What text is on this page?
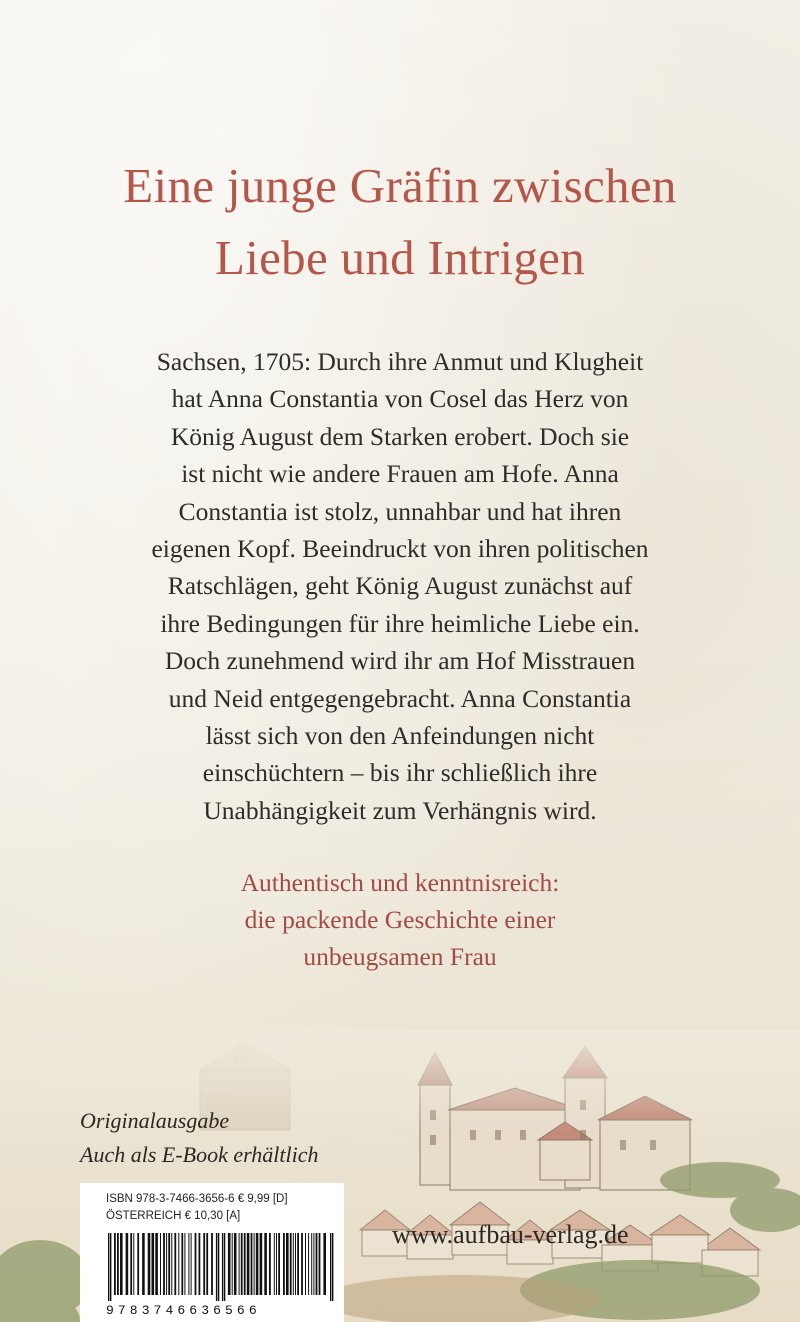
Eine junge Gräfin zwischen
Liebe und Intrigen
Sachsen, 1705: Durch ihre Anmut und Klugheit
hat Anna Constantia von Cosel das Herz von
König August dem Starken erobert. Doch sie
ist nicht wie andere Frauen am Hofe. Anna
Constantia ist stolz, unnahbar und hat ihren
eigenen Kopf. Beeindruckt von ihren politischen
Ratschlägen, geht König August zunächst auf
ihre Bedingungen für ihre heimliche Liebe ein.
Doch zunehmend wird ihr am Hof Misstrauen
und Neid entgegengebracht. Anna Constantia
lässt sich von den Anfeindungen nicht
einschüchtern – bis ihr schließlich ihre
Unabhängigkeit zum Verhängnis wird.
Authentisch und kenntnisreich:
die packende Geschichte einer
unbeugsamen Frau
Originalausgabe
Auch als E-Book erhältlich
ISBN 978-3-7466-3656-6 € 9,99 [D]
ÖSTERREICH € 10,30 [A]
9783746636566
www.aufbau-verlag.de
